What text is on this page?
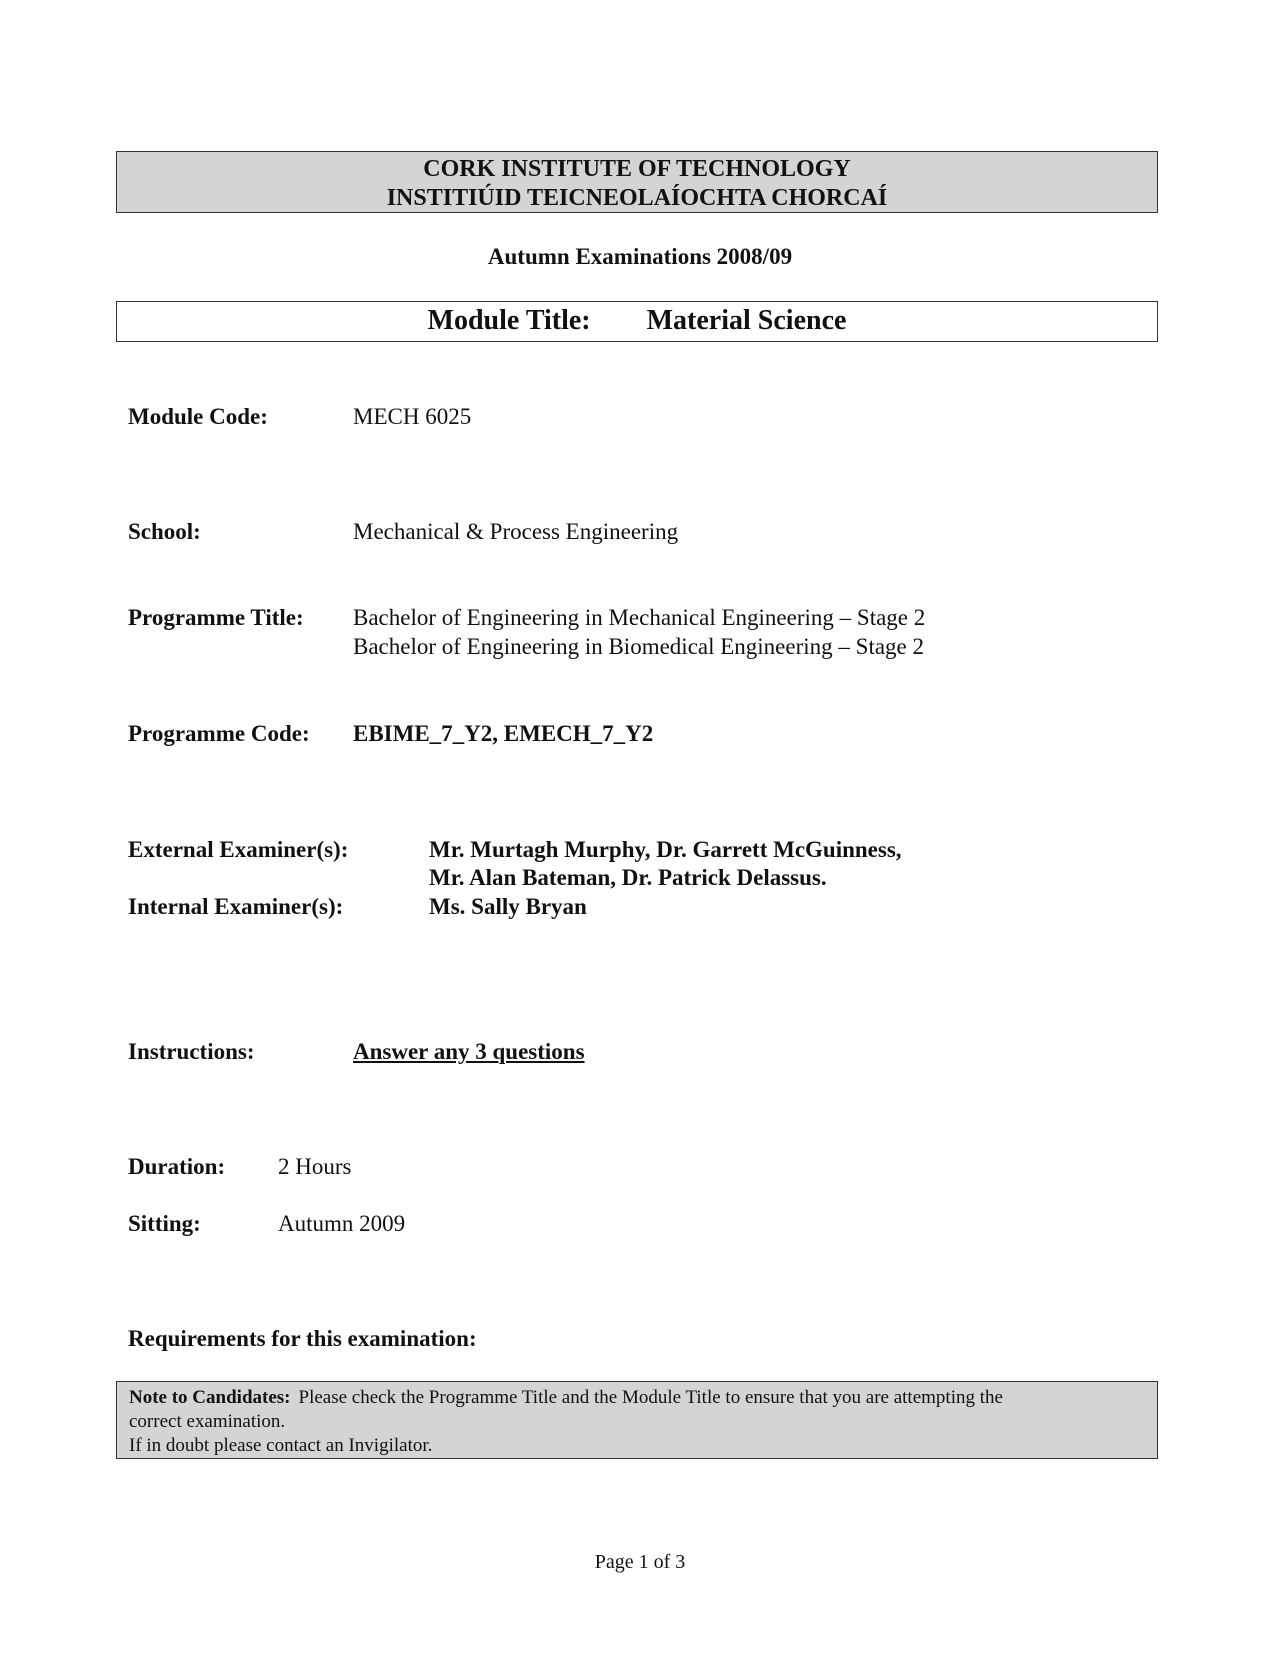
CORK INSTITUTE OF TECHNOLOGY
INSTITIÚID TEICNEOLAÍOCHTA CHORCAÍ
Autumn Examinations 2008/09
Module Title: Material Science
Module Code:	MECH 6025
School:	Mechanical & Process Engineering
Programme Title: Bachelor of Engineering in Mechanical Engineering – Stage 2
Bachelor of Engineering in Biomedical Engineering – Stage 2
Programme Code: EBIME_7_Y2, EMECH_7_Y2
External Examiner(s):	Mr. Murtagh Murphy, Dr. Garrett McGuinness,
Mr. Alan Bateman, Dr. Patrick Delassus.
Internal Examiner(s):	Ms. Sally Bryan
Instructions:	Answer any 3 questions
Duration: 2 Hours
Sitting:	Autumn 2009
Requirements for this examination:
Note to Candidates: Please check the Programme Title and the Module Title to ensure that you are attempting the
correct examination.
If in doubt please contact an Invigilator.
Page 1 of 3
